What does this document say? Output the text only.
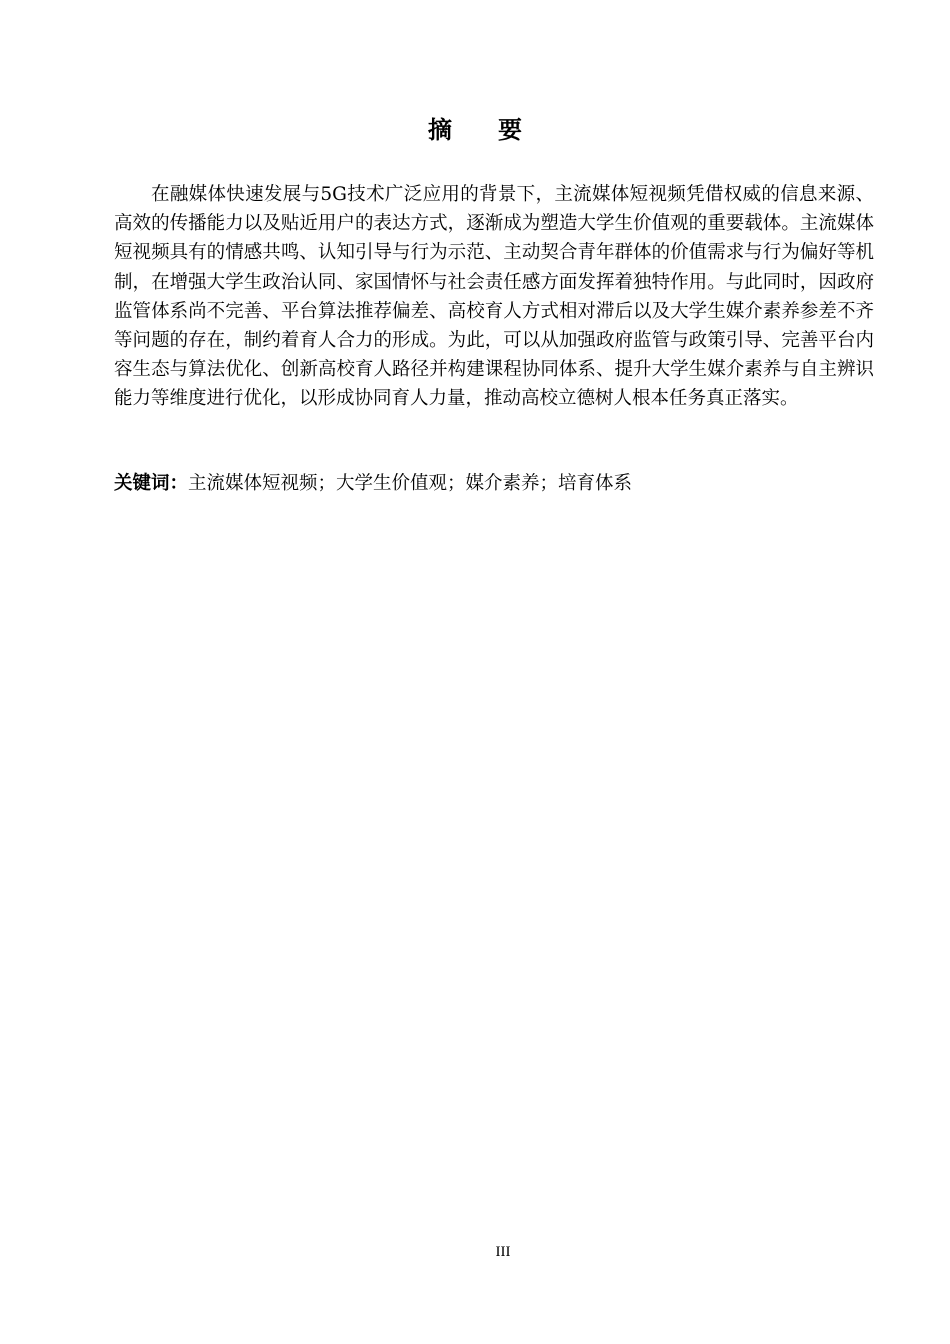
摘 要

在融媒体快速发展与5G技术广泛应用的背景下，主流媒体短视频凭借权威的信息来源、高效的传播能力以及贴近用户的表达方式，逐渐成为塑造大学生价值观的重要载体。主流媒体短视频具有的情感共鸣、认知引导与行为示范、主动契合青年群体的价值需求与行为偏好等机制，在增强大学生政治认同、家国情怀与社会责任感方面发挥着独特作用。与此同时，因政府监管体系尚不完善、平台算法推荐偏差、高校育人方式相对滞后以及大学生媒介素养参差不齐等问题的存在，制约着育人合力的形成。为此，可以从加强政府监管与政策引导、完善平台内容生态与算法优化、创新高校育人路径并构建课程协同体系、提升大学生媒介素养与自主辨识能力等维度进行优化，以形成协同育人力量，推动高校立德树人根本任务真正落实。

关键词：主流媒体短视频；大学生价值观；媒介素养；培育体系
III
